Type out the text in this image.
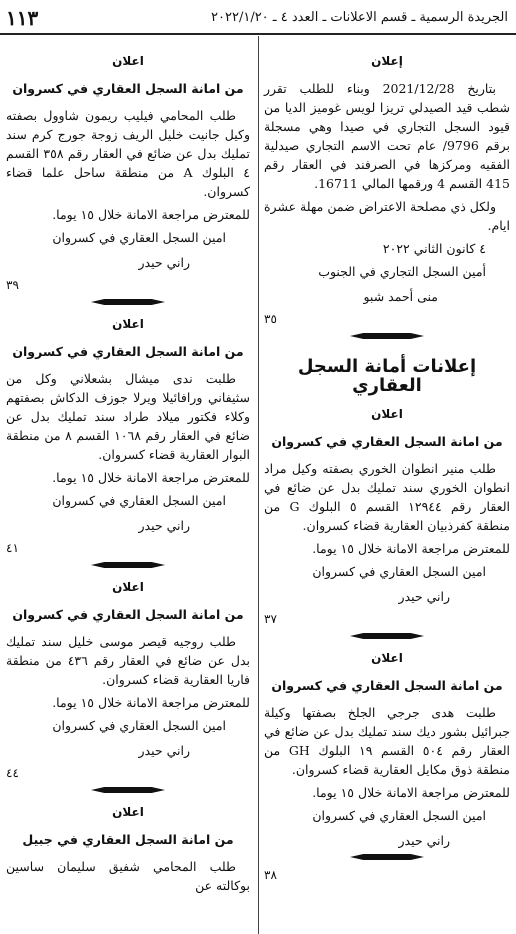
الجريدة الرسمية ـ قسم الاعلانات ـ العدد ٤ ـ ٢٠٢٢/١/٢٠
١١٣
إعلان

بتاريخ 2021/12/28 وبناء للطلب تقرر شطب قيد الصيدلي تريزا لويس غوميز الديا من قيود السجل التجاري في صيدا وهي مسجلة برقم 9796/ عام تحت الاسم التجاري صيدلية الفقيه ومركزها في الصرفند في العقار رقم 415 القسم 4 ورقمها المالي 16711.

ولكل ذي مصلحة الاعتراض ضمن مهلة عشرة ايام.

٤ كانون الثاني ٢٠٢٢
أمين السجل التجاري في الجنوب
منى أحمد شبو

٣٥

إعلانات أمانة السجل العقاري
اعلان
من امانة السجل العقاري في كسروان

طلب منير انطوان الخوري بصفته وكيل مراد انطوان الخوري سند تمليك بدل عن ضائع في العقار رقم ١٢٩٤٤ القسم ٥ البلوك G من منطقة كفرذبيان العقارية قضاء كسروان.

للمعترض مراجعة الامانة خلال ١٥ يوما.

امين السجل العقاري في كسروان
راني حيدر

٣٧

اعلان
من امانة السجل العقاري في كسروان

طلبت هدى جرجي الجلخ بصفتها وكيلة جبرائيل بشور ديك سند تمليك بدل عن ضائع في العقار رقم ٥٠٤ القسم ١٩ البلوك GH من منطقة ذوق مكايل العقارية قضاء كسروان.

للمعترض مراجعة الامانة خلال ١٥ يوما.

امين السجل العقاري في كسروان
راني حيدر

٣٨

اعلان
من امانة السجل العقاري في كسروان

طلب المحامي فيليب ريمون شاوول بصفته وكيل جانيت خليل الريف زوجة جورج كرم سند تمليك بدل عن ضائع في العقار رقم ٣٥٨ القسم ٤ البلوك A من منطقة ساحل علما قضاء كسروان.

للمعترض مراجعة الامانة خلال ١٥ يوما.

امين السجل العقاري في كسروان
راني حيدر

٣٩

اعلان
من امانة السجل العقاري في كسروان

طلبت ندى ميشال بشعلاني وكل من سثيفاني ورافائيلا ويرلا جوزف الدكاش بصفتهم وكلاء فكتور ميلاد طراد سند تمليك بدل عن ضائع في العقار رقم ١٠٦٨ القسم ٨ من منطقة البوار العقارية قضاء كسروان.

للمعترض مراجعة الامانة خلال ١٥ يوما.

امين السجل العقاري في كسروان
راني حيدر

٤١

اعلان
من امانة السجل العقاري في كسروان

طلب روجيه قيصر موسى خليل سند تمليك بدل عن ضائع في العقار رقم ٤٣٦ من منطقة فاريا العقارية قضاء كسروان.

للمعترض مراجعة الامانة خلال ١٥ يوما.

امين السجل العقاري في كسروان
راني حيدر

٤٤

اعلان
من امانة السجل العقاري في جبيل

طلب المحامي شفيق سليمان ساسين بوكالته عن
